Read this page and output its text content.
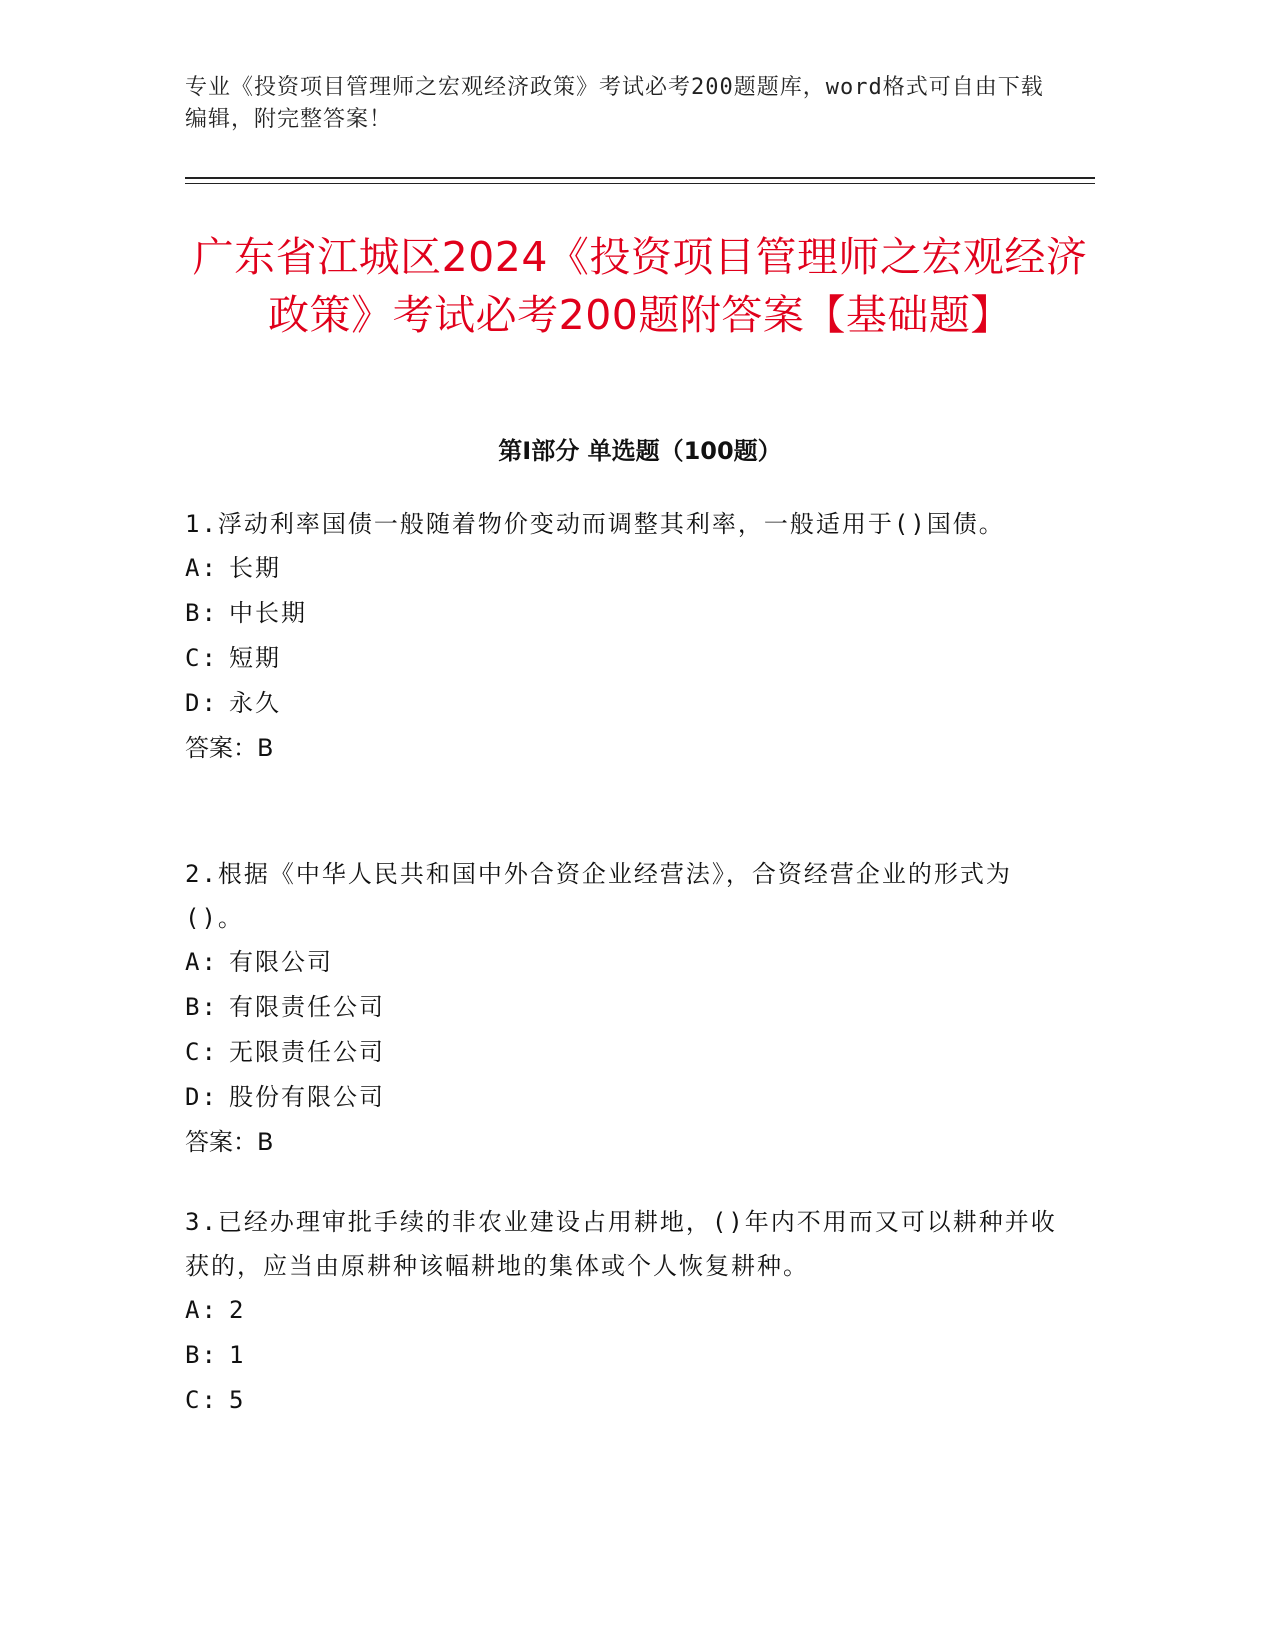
专业《投资项目管理师之宏观经济政策》考试必考200题题库，word格式可自由下载编辑，附完整答案！
广东省江城区2024《投资项目管理师之宏观经济政策》考试必考200题附答案【基础题】
第Ⅰ部分 单选题（100题）
1.浮动利率国债一般随着物价变动而调整其利率，一般适用于()国债。
A: 长期
B: 中长期
C: 短期
D: 永久
答案：B
2.根据《中华人民共和国中外合资企业经营法》，合资经营企业的形式为()。
A: 有限公司
B: 有限责任公司
C: 无限责任公司
D: 股份有限公司
答案：B
3.已经办理审批手续的非农业建设占用耕地，()年内不用而又可以耕种并收获的，应当由原耕种该幅耕地的集体或个人恢复耕种。
A: 2
B: 1
C: 5
